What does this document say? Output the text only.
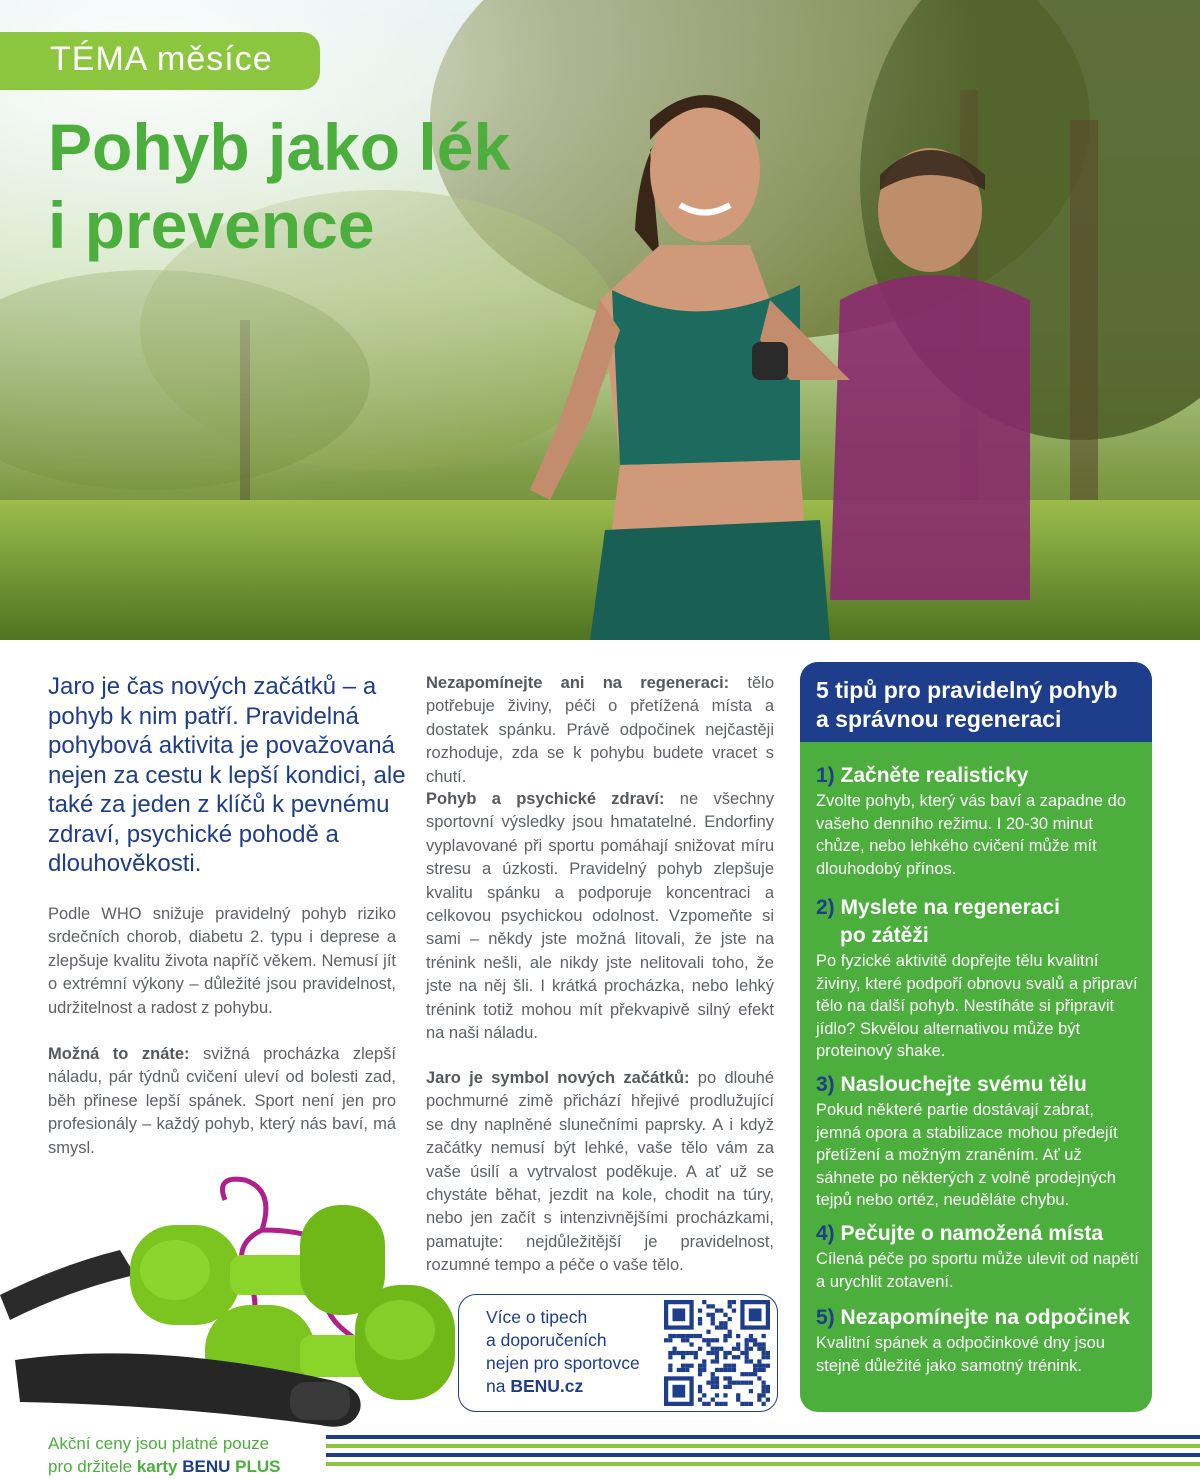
TÉMA měsíce
Pohyb jako lék
i prevence
Jaro je čas nových začátků – a pohyb k nim patří. Pravidelná pohybová aktivita je považovaná nejen za cestu k lepší kondici, ale také za jeden z klíčů k pevnému zdraví, psychické pohodě a dlouhověkosti.
Podle WHO snižuje pravidelný pohyb riziko srdečních chorob, diabetu 2. typu i deprese a zlepšuje kvalitu života napříč věkem. Nemusí jít o extrémní výkony – důležité jsou pravidelnost, udržitelnost a radost z pohybu.
Možná to znáte: svižná procházka zlepší náladu, pár týdnů cvičení uleví od bolesti zad, běh přinese lepší spánek. Sport není jen pro profesionály – každý pohyb, který nás baví, má smysl.
Nezapomínejte ani na regeneraci: tělo potřebuje živiny, péči o přetížená místa a dostatek spánku. Právě odpočinek nejčastěji rozhoduje, zda se k pohybu budete vracet s chutí.
Pohyb a psychické zdraví: ne všechny sportovní výsledky jsou hmatatelné. Endorfiny vyplavované při sportu pomáhají snižovat míru stresu a úzkosti. Pravidelný pohyb zlepšuje kvalitu spánku a podporuje koncentraci a celkovou psychickou odolnost. Vzpomeňte si sami – někdy jste možná litovali, že jste na trénink nešli, ale nikdy jste nelitovali toho, že jste na něj šli. I krátká procházka, nebo lehký trénink totiž mohou mít překvapivě silný efekt na naši náladu.
Jaro je symbol nových začátků: po dlouhé pochmurné zimě přichází hřejivé prodlužující se dny naplněné slunečními paprsky. A i když začátky nemusí být lehké, vaše tělo vám za vaše úsilí a vytrvalost poděkuje. A ať už se chystáte běhat, jezdit na kole, chodit na túry, nebo jen začít s intenzivnějšími procházkami, pamatujte: nejdůležitější je pravidelnost, rozumné tempo a péče o vaše tělo.
Více o tipech
a doporučeních
nejen pro sportovce
na BENU.cz
5 tipů pro pravidelný pohyb
a správnou regeneraci
1) Začněte realisticky
Zvolte pohyb, který vás baví a zapadne do vašeho denního režimu. I 20-30 minut chůze, nebo lehkého cvičení může mít dlouhodobý přínos.
2) Myslete na regeneraci
po zátěži
Po fyzické aktivitě dopřejte tělu kvalitní živiny, které podpoří obnovu svalů a připraví tělo na další pohyb. Nestíháte si připravit jídlo? Skvělou alternativou může být proteinový shake.
3) Naslouchejte svému tělu
Pokud některé partie dostávají zabrat, jemná opora a stabilizace mohou předejít přetížení a možným zraněním. Ať už sáhnete po některých z volně prodejných tejpů nebo ortéz, neuděláte chybu.
4) Pečujte o namožená místa
Cílená péče po sportu může ulevit od napětí a urychlit zotavení.
5) Nezapomínejte na odpočinek
Kvalitní spánek a odpočinkové dny jsou stejně důležité jako samotný trénink.
Akční ceny jsou platné pouze
pro držitele karty BENU PLUS
